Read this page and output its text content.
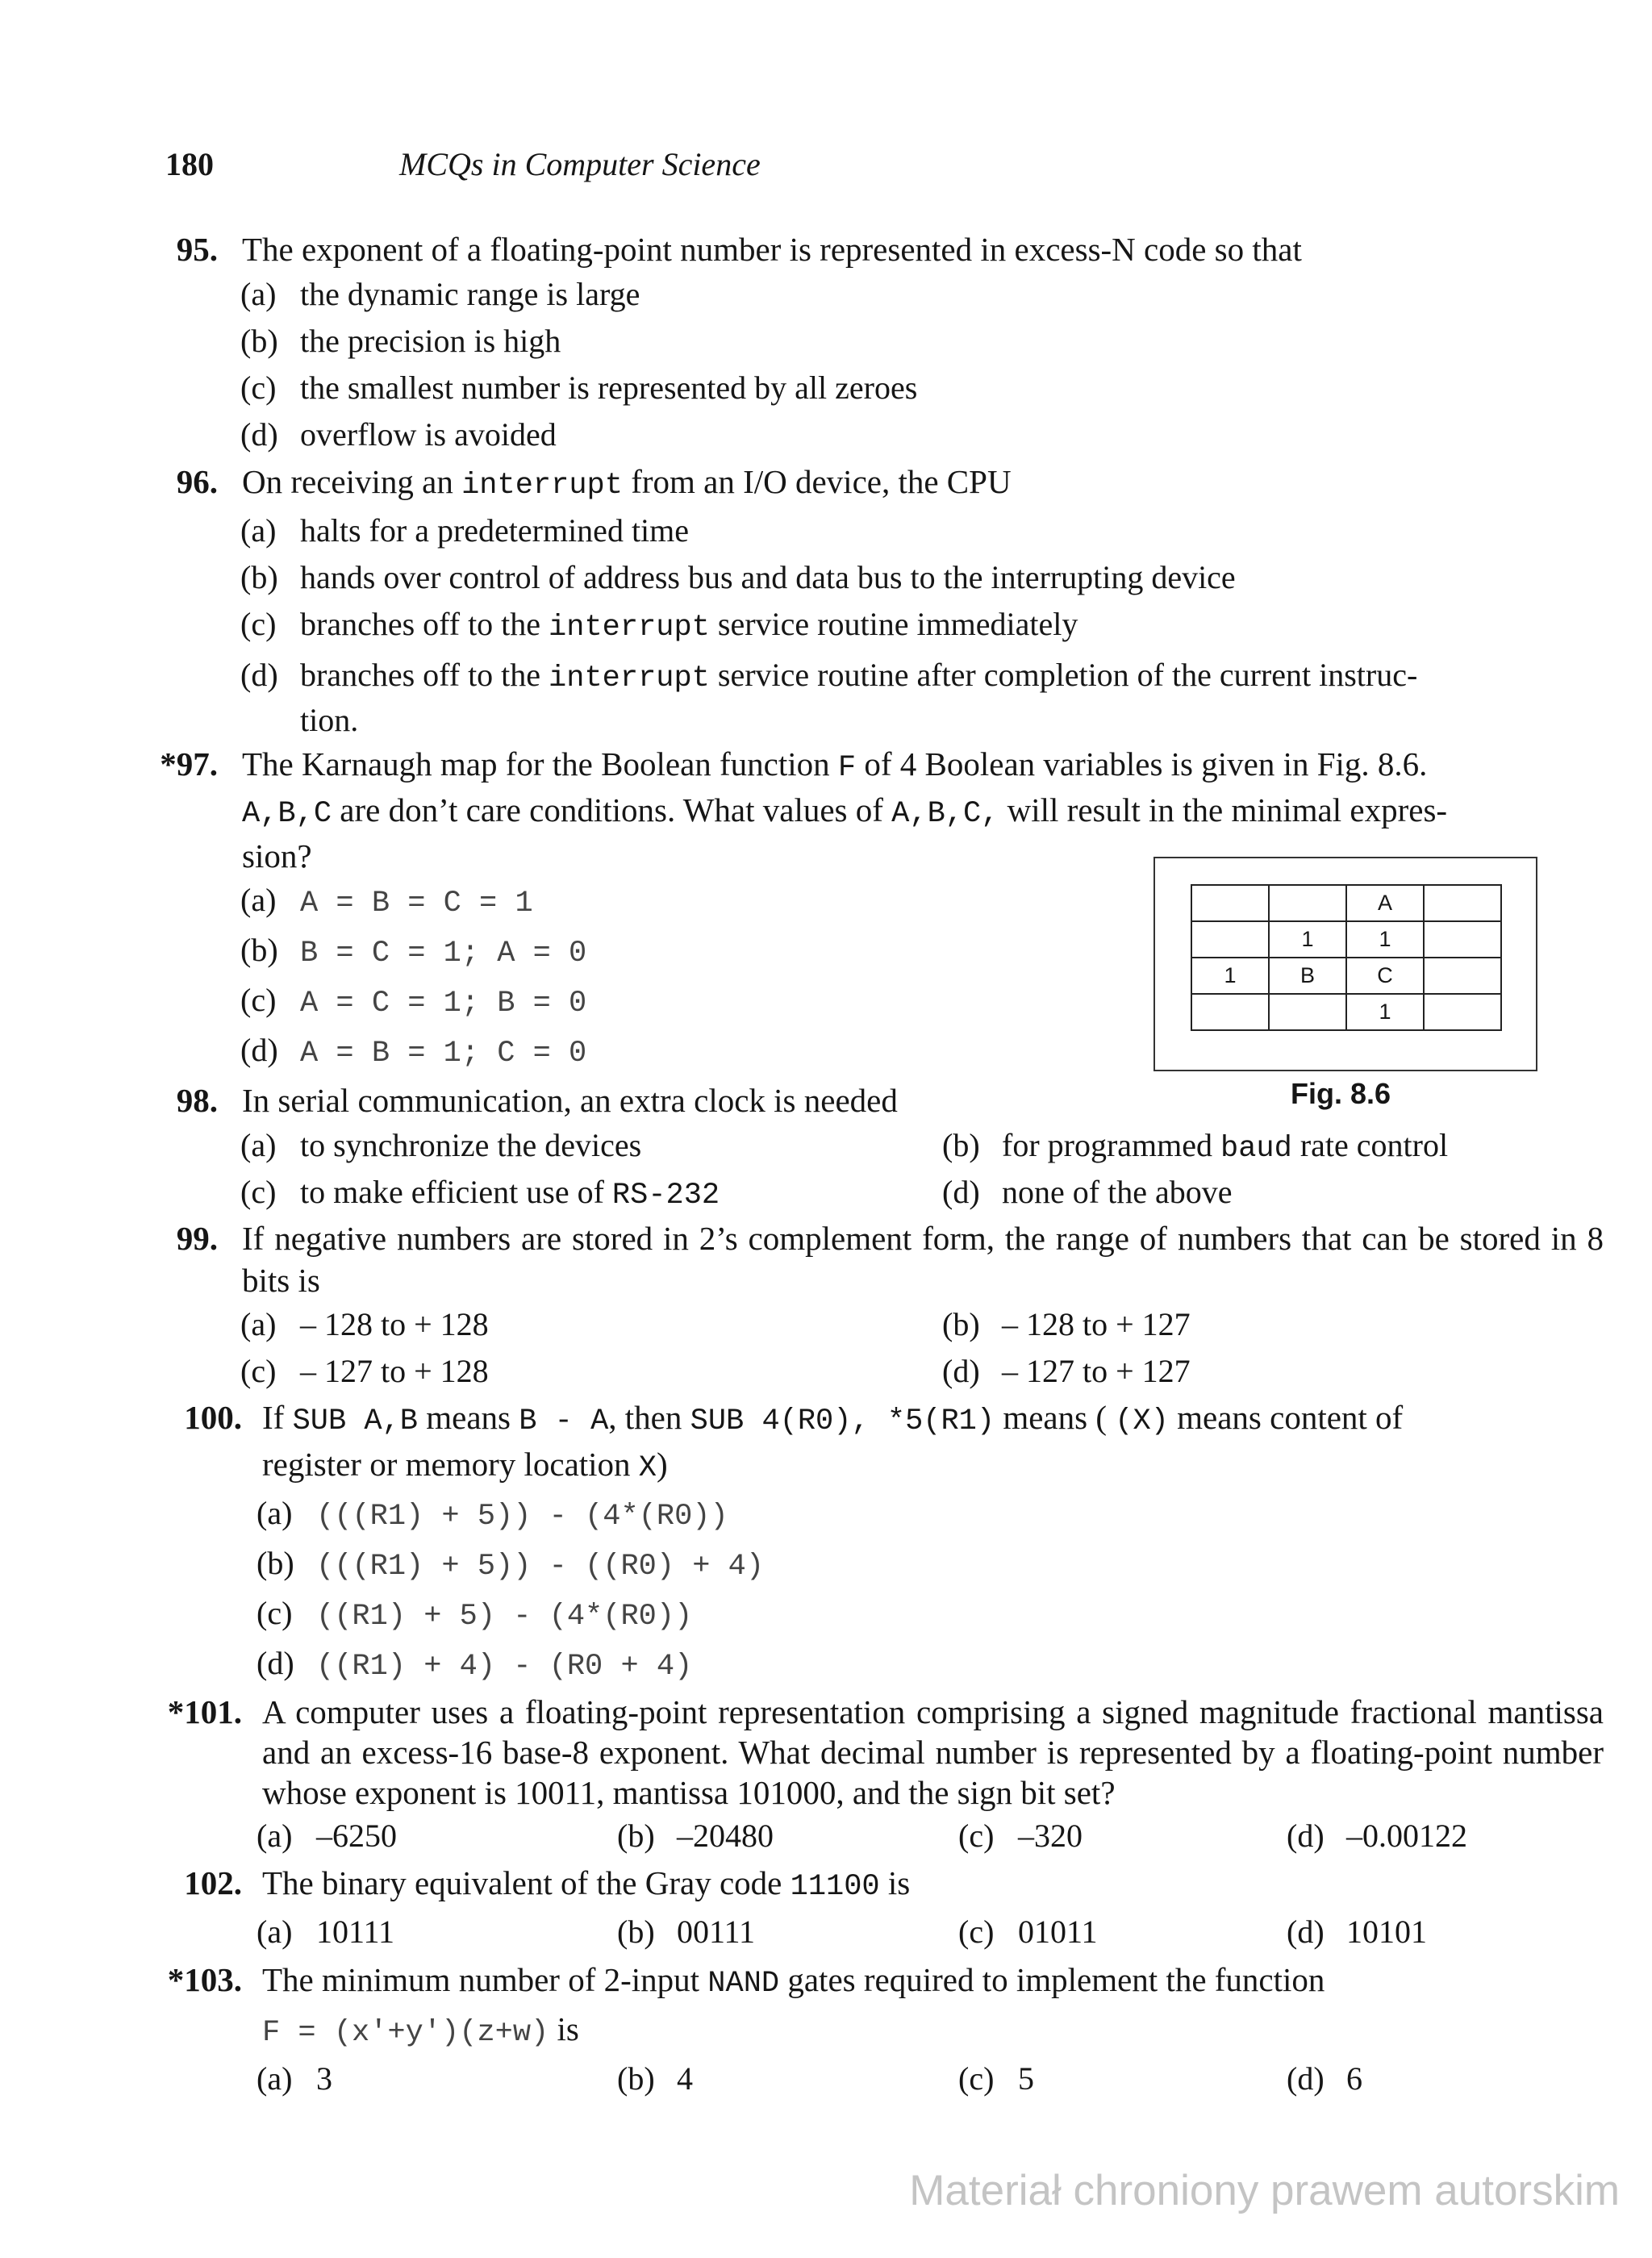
180	MCQs in Computer Science
95. The exponent of a floating-point number is represented in excess-N code so that
(a) the dynamic range is large
(b) the precision is high
(c) the smallest number is represented by all zeroes
(d) overflow is avoided
96. On receiving an interrupt from an I/O device, the CPU
(a) halts for a predetermined time
(b) hands over control of address bus and data bus to the interrupting device
(c) branches off to the interrupt service routine immediately
(d) branches off to the interrupt service routine after completion of the current instruc-
tion.
*97. The Karnaugh map for the Boolean function F of 4 Boolean variables is given in Fig. 8.6.
A,B,C are don’t care conditions. What values of A,B,C, will result in the minimal expres-
sion?
(a) A = B = C = 1
(b) B = C = 1; A = 0
(c) A = C = 1; B = 0
(d) A = B = 1; C = 0
98. In serial communication, an extra clock is needed
(a) to synchronize the devices	(b) for programmed baud rate control
(c) to make efficient use of RS-232	(d) none of the above
99. If negative numbers are stored in 2’s complement form, the range of numbers that can be stored in 8 bits is
(a) – 128 to + 128	(b) – 128 to + 127
(c) – 127 to + 128	(d) – 127 to + 127
100. If SUB A,B means B - A, then SUB 4(R0), *5(R1) means ( (X) means content of
register or memory location X)
(a) (((R1) + 5)) - (4*(R0))
(b) (((R1) + 5)) - ((R0) + 4)
(c) ((R1) + 5) - (4*(R0))
(d) ((R1) + 4) - (R0 + 4)
*101. A computer uses a floating-point representation comprising a signed magnitude fractional mantissa and an excess-16 base-8 exponent. What decimal number is represented by a floating-point number whose exponent is 10011, mantissa 101000, and the sign bit set?
(a) –6250	(b) –20480	(c) –320	(d) –0.00122
102. The binary equivalent of the Gray code 11100 is
(a) 10111	(b) 00111	(c) 01011	(d) 10101
*103. The minimum number of 2-input NAND gates required to implement the function
F = (x'+y')(z+w) is
(a) 3	(b) 4	(c) 5	(d) 6
		A	
	1	1	
1	B	C	
		1	
Fig. 8.6
Materiał chroniony prawem autorskim
